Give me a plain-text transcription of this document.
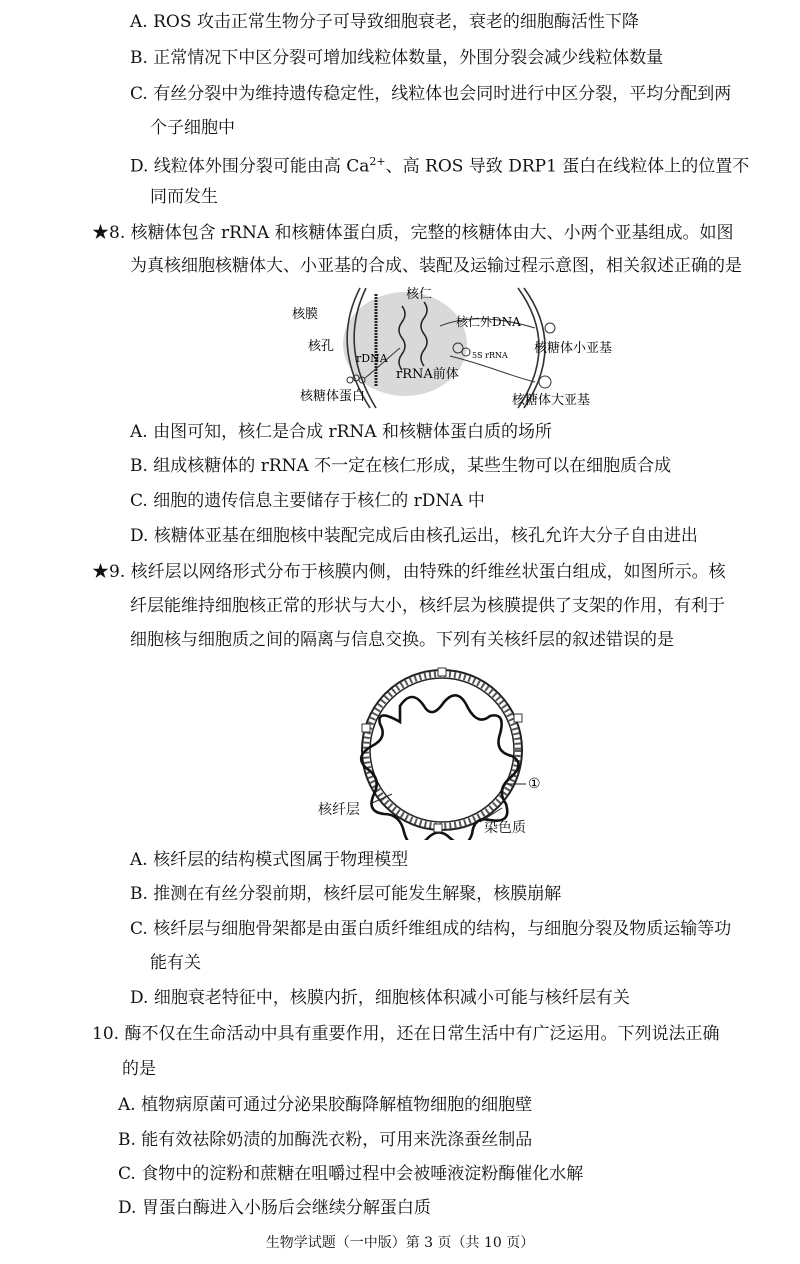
A. ROS 攻击正常生物分子可导致细胞衰老，衰老的细胞酶活性下降
B. 正常情况下中区分裂可增加线粒体数量，外围分裂会减少线粒体数量
C. 有丝分裂中为维持遗传稳定性，线粒体也会同时进行中区分裂，平均分配到两
个子细胞中
D. 线粒体外围分裂可能由高 $Ca^{2+}$、高 ROS 导致 DRP1 蛋白在线粒体上的位置不
同而发生
★8. 核糖体包含 rRNA 和核糖体蛋白质，完整的核糖体由大、小两个亚基组成。如图
为真核细胞核糖体大、小亚基的合成、装配及运输过程示意图，相关叙述正确的是
核膜
核孔
核仁
rDNA
核仁外DNA
5S rRNA
rRNA前体
核糖体蛋白
核糖体小亚基
核糖体大亚基
A. 由图可知，核仁是合成 rRNA 和核糖体蛋白质的场所
B. 组成核糖体的 rRNA 不一定在核仁形成，某些生物可以在细胞质合成
C. 细胞的遗传信息主要储存于核仁的 rDNA 中
D. 核糖体亚基在细胞核中装配完成后由核孔运出，核孔允许大分子自由进出
★9. 核纤层以网络形式分布于核膜内侧，由特殊的纤维丝状蛋白组成，如图所示。核
纤层能维持细胞核正常的形状与大小，核纤层为核膜提供了支架的作用，有利于
细胞核与细胞质之间的隔离与信息交换。下列有关核纤层的叙述错误的是
①
核纤层
染色质
A. 核纤层的结构模式图属于物理模型
B. 推测在有丝分裂前期，核纤层可能发生解聚，核膜崩解
C. 核纤层与细胞骨架都是由蛋白质纤维组成的结构，与细胞分裂及物质运输等功
能有关
D. 细胞衰老特征中，核膜内折，细胞核体积减小可能与核纤层有关
10. 酶不仅在生命活动中具有重要作用，还在日常生活中有广泛运用。下列说法正确
的是
A. 植物病原菌可通过分泌果胶酶降解植物细胞的细胞壁
B. 能有效祛除奶渍的加酶洗衣粉，可用来洗涤蚕丝制品
C. 食物中的淀粉和蔗糖在咀嚼过程中会被唾液淀粉酶催化水解
D. 胃蛋白酶进入小肠后会继续分解蛋白质
生物学试题（一中版）第 3 页（共 10 页）
